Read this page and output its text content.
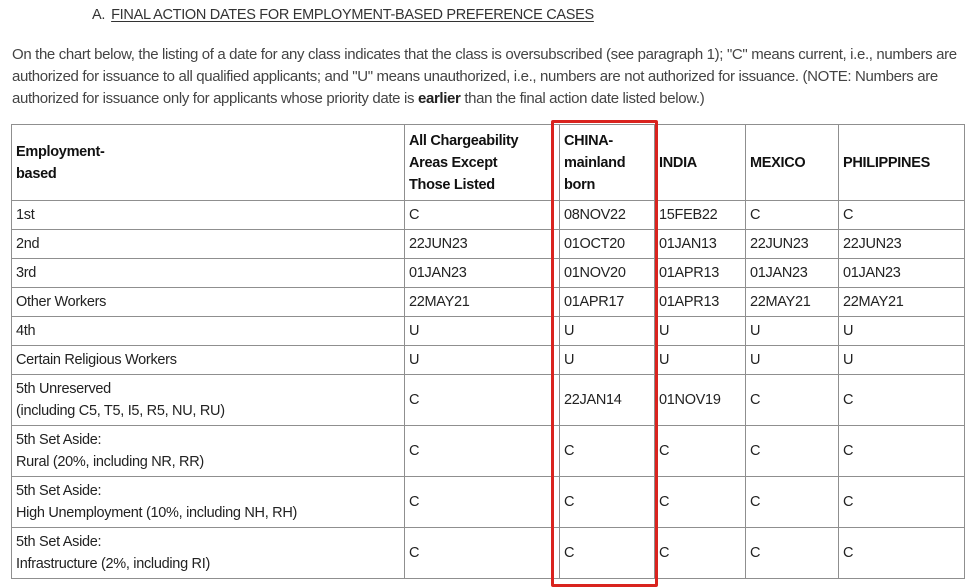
A. FINAL ACTION DATES FOR EMPLOYMENT-BASED PREFERENCE CASES

On the chart below, the listing of a date for any class indicates that the class is oversubscribed (see paragraph 1); "C" means current, i.e., numbers are authorized for issuance to all qualified applicants; and "U" means unauthorized, i.e., numbers are not authorized for issuance. (NOTE: Numbers are authorized for issuance only for applicants whose priority date is earlier than the final action date listed below.)

Employment-
based	All Chargeability
Areas Except
Those Listed	CHINA-
mainland
born	INDIA	MEXICO	PHILIPPINES
1st	C	08NOV22	15FEB22	C	C
2nd	22JUN23	01OCT20	01JAN13	22JUN23	22JUN23
3rd	01JAN23	01NOV20	01APR13	01JAN23	01JAN23
Other Workers	22MAY21	01APR17	01APR13	22MAY21	22MAY21
4th	U	U	U	U	U
Certain Religious Workers	U	U	U	U	U

5th Unreserved
(including C5, T5, I5, R5, NU, RU)	C	22JAN14	01NOV19	C	C

5th Set Aside:
Rural (20%, including NR, RR)	C	C	C	C	C

5th Set Aside:
High Unemployment (10%, including NH, RH)	C	C	C	C	C

5th Set Aside:
Infrastructure (2%, including RI)	C	C	C	C	C
